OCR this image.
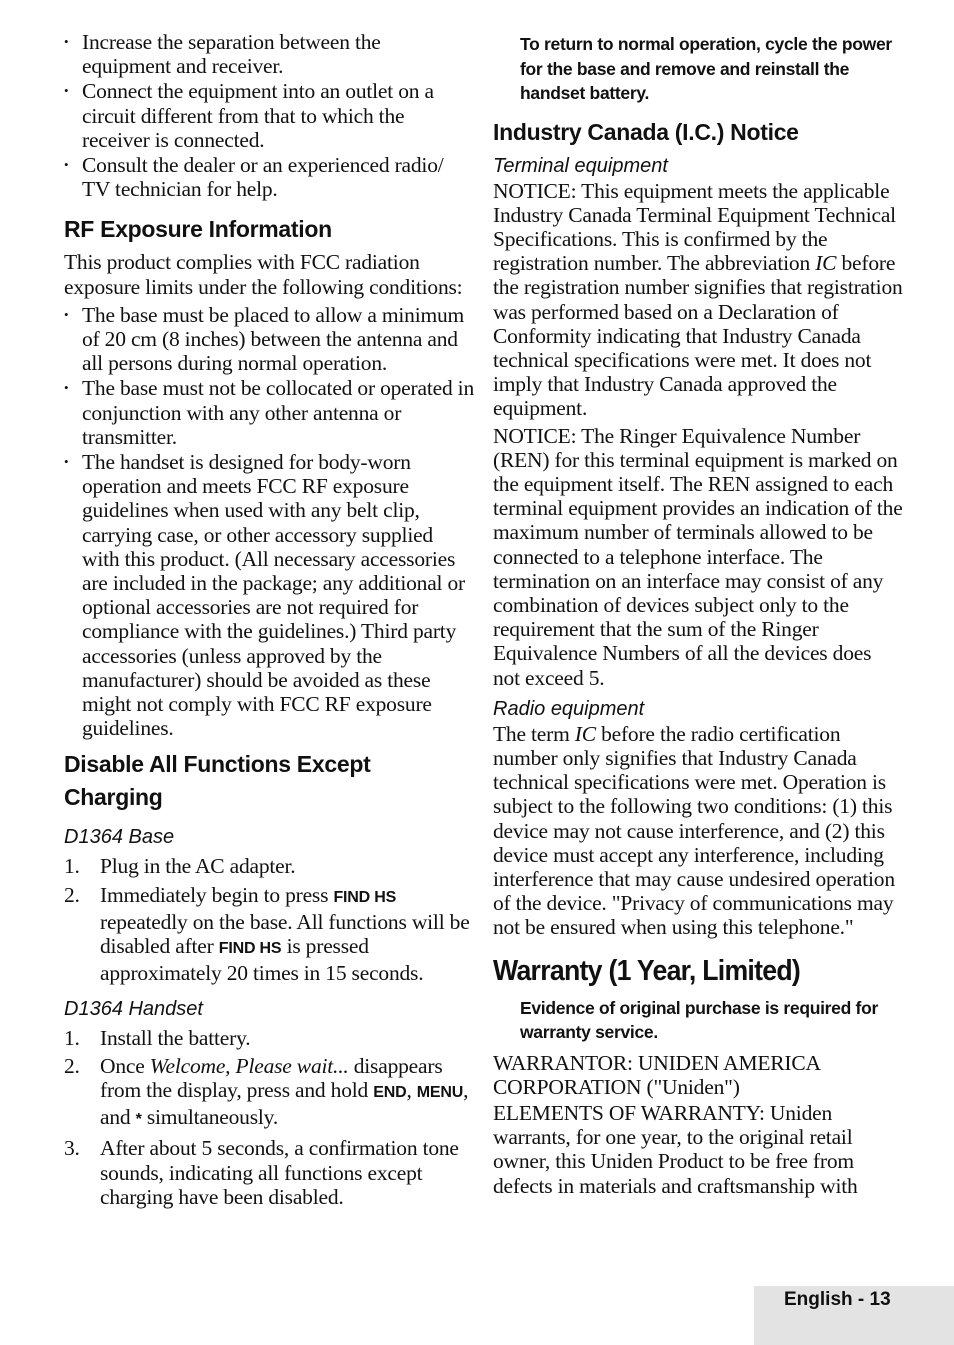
• Increase the separation between the equipment and receiver.
• Connect the equipment into an outlet on a circuit different from that to which the receiver is connected.
• Consult the dealer or an experienced radio/ TV technician for help.
RF Exposure Information

This product complies with FCC radiation exposure limits under the following conditions:

• The base must be placed to allow a minimum of 20 cm (8 inches) between the antenna and all persons during normal operation.
• The base must not be collocated or operated in conjunction with any other antenna or transmitter.
• The handset is designed for body-worn operation and meets FCC RF exposure guidelines when used with any belt clip, carrying case, or other accessory supplied with this product. (All necessary accessories are included in the package; any additional or optional accessories are not required for compliance with the guidelines.) Third party accessories (unless approved by the manufacturer) should be avoided as these might not comply with FCC RF exposure guidelines.
Disable All Functions Except Charging
D1364 Base
1. Plug in the AC adapter.
2. Immediately begin to press FIND HS repeatedly on the base. All functions will be disabled after FIND HS is pressed approximately 20 times in 15 seconds.
D1364 Handset
1. Install the battery.
2. Once Welcome, Please wait... disappears from the display, press and hold END, MENU, and * simultaneously.
3. After about 5 seconds, a confirmation tone sounds, indicating all functions except charging have been disabled.

To return to normal operation, cycle the power for the base and remove and reinstall the handset battery.

Industry Canada (I.C.) Notice
Terminal equipment

NOTICE: This equipment meets the applicable Industry Canada Terminal Equipment Technical Specifications. This is confirmed by the registration number. The abbreviation IC before the registration number signifies that registration was performed based on a Declaration of Conformity indicating that Industry Canada technical specifications were met. It does not imply that Industry Canada approved the equipment.

NOTICE: The Ringer Equivalence Number (REN) for this terminal equipment is marked on the equipment itself. The REN assigned to each terminal equipment provides an indication of the maximum number of terminals allowed to be connected to a telephone interface. The termination on an interface may consist of any combination of devices subject only to the requirement that the sum of the Ringer Equivalence Numbers of all the devices does not exceed 5.

Radio equipment

The term IC before the radio certification number only signifies that Industry Canada technical specifications were met. Operation is subject to the following two conditions: (1) this device may not cause interference, and (2) this device must accept any interference, including interference that may cause undesired operation of the device. "Privacy of communications may not be ensured when using this telephone."

Warranty (1 Year, Limited)

Evidence of original purchase is required for warranty service.

WARRANTOR: UNIDEN AMERICA CORPORATION ("Uniden")

ELEMENTS OF WARRANTY: Uniden warrants, for one year, to the original retail owner, this Uniden Product to be free from defects in materials and craftsmanship with

English - 13
